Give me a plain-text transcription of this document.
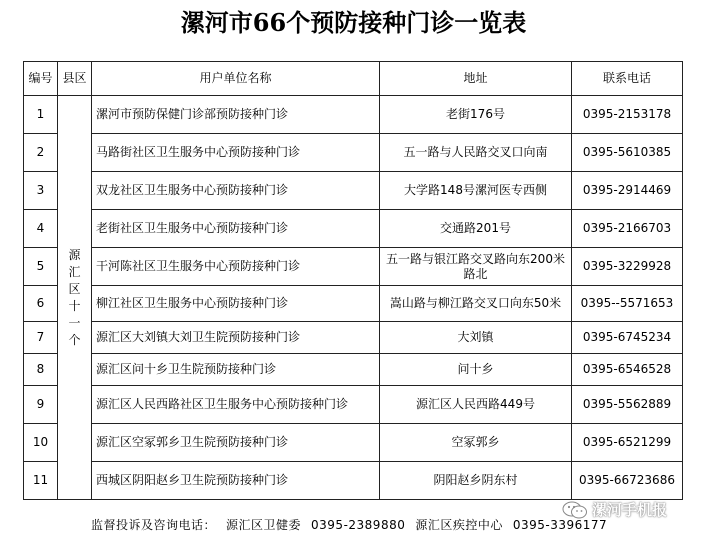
漯河市66个预防接种门诊一览表
编号	县区	用户单位名称	地址	联系电话
1	源汇区十一个	漯河市预防保健门诊部预防接种门诊	老街176号	0395-2153178
2		马路街社区卫生服务中心预防接种门诊	五一路与人民路交叉口向南	0395-5610385
3		双龙社区卫生服务中心预防接种门诊	大学路148号漯河医专西侧	0395-2914469
4		老街社区卫生服务中心预防接种门诊	交通路201号	0395-2166703
5		干河陈社区卫生服务中心预防接种门诊	五一路与银江路交叉路向东200米路北	0395-3229928
6		柳江社区卫生服务中心预防接种门诊	嵩山路与柳江路交叉口向东50米	0395--5571653
7		源汇区大刘镇大刘卫生院预防接种门诊	大刘镇	0395-6745234
8		源汇区问十乡卫生院预防接种门诊	问十乡	0395-6546528
9		源汇区人民西路社区卫生服务中心预防接种门诊	源汇区人民西路449号	0395-5562889
10		源汇区空冢郭乡卫生院预防接种门诊	空冢郭乡	0395-6521299
11		西城区阴阳赵乡卫生院预防接种门诊	阴阳赵乡阴东村	0395-66723686
监督投诉及咨询电话： 源汇区卫健委 0395-2389880 源汇区疾控中心 0395-3396177
漯河手机报
